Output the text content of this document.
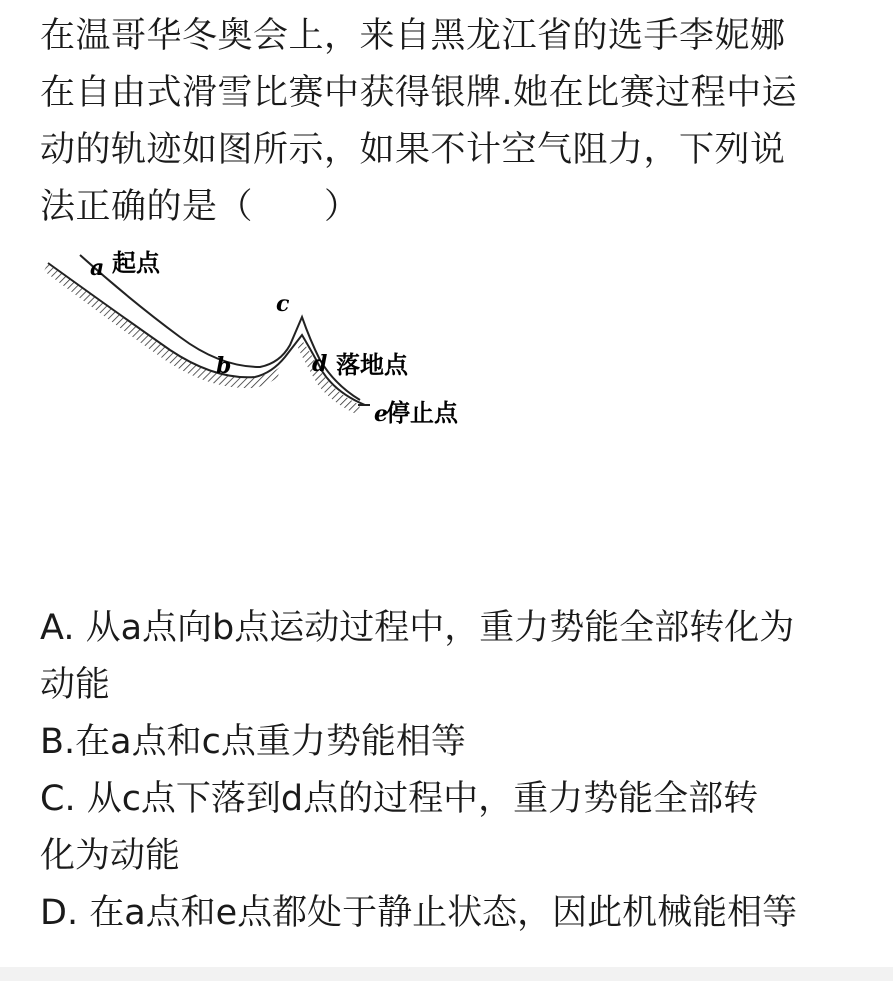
在温哥华冬奥会上，来自黑龙江省的选手李妮娜
在自由式滑雪比赛中获得银牌.她在比赛过程中运
动的轨迹如图所示，如果不计空气阻力，下列说
法正确的是（　　）
a 起点
b
c
d 落地点
e
停止点
A. 从a点向b点运动过程中，重力势能全部转化为
动能
B.在a点和c点重力势能相等
C. 从c点下落到d点的过程中，重力势能全部转
化为动能
D. 在a点和e点都处于静止状态，因此机械能相等
